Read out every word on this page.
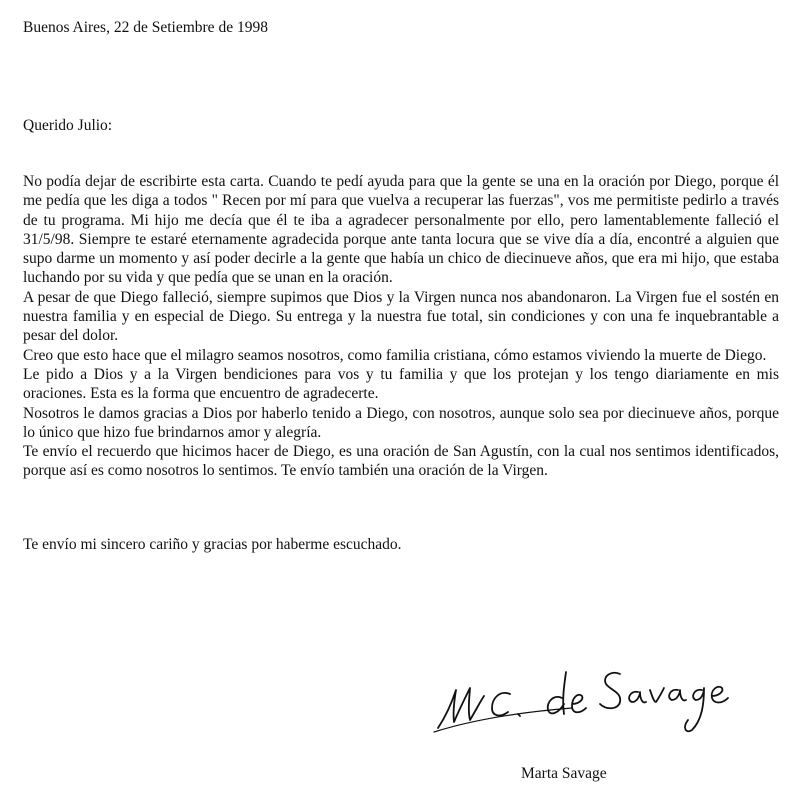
Buenos Aires, 22 de Setiembre de 1998
Querido Julio:

No podía dejar de escribirte esta carta. Cuando te pedí ayuda para que la gente se una en la oración por Diego, porque él me pedía que les diga a todos " Recen por mí para que vuelva a recuperar las fuerzas", vos me permitiste pedirlo a través de tu programa. Mi hijo me decía que él te iba a agradecer personalmente por ello, pero lamentablemente falleció el 31/5/98. Siempre te estaré eternamente agradecida porque ante tanta locura que se vive día a día, encontré a alguien que supo darme un momento y así poder decirle a la gente que había un chico de diecinueve años, que era mi hijo, que estaba luchando por su vida y que pedía que se unan en la oración.

A pesar de que Diego falleció, siempre supimos que Dios y la Virgen nunca nos abandonaron. La Virgen fue el sostén en nuestra familia y en especial de Diego. Su entrega y la nuestra fue total, sin condiciones y con una fe inquebrantable a pesar del dolor.

Creo que esto hace que el milagro seamos nosotros, como familia cristiana, cómo estamos viviendo la muerte de Diego.

Le pido a Dios y a la Virgen bendiciones para vos y tu familia y que los protejan y los tengo diariamente en mis oraciones. Esta es la forma que encuentro de agradecerte.

Nosotros le damos gracias a Dios por haberlo tenido a Diego, con nosotros, aunque solo sea por diecinueve años, porque lo único que hizo fue brindarnos amor y alegría.

Te envío el recuerdo que hicimos hacer de Diego, es una oración de San Agustín, con la cual nos sentimos identificados, porque así es como nosotros lo sentimos. Te envío también una oración de la Virgen.

Te envío mi sincero cariño y gracias por haberme escuchado.
Marta Savage
